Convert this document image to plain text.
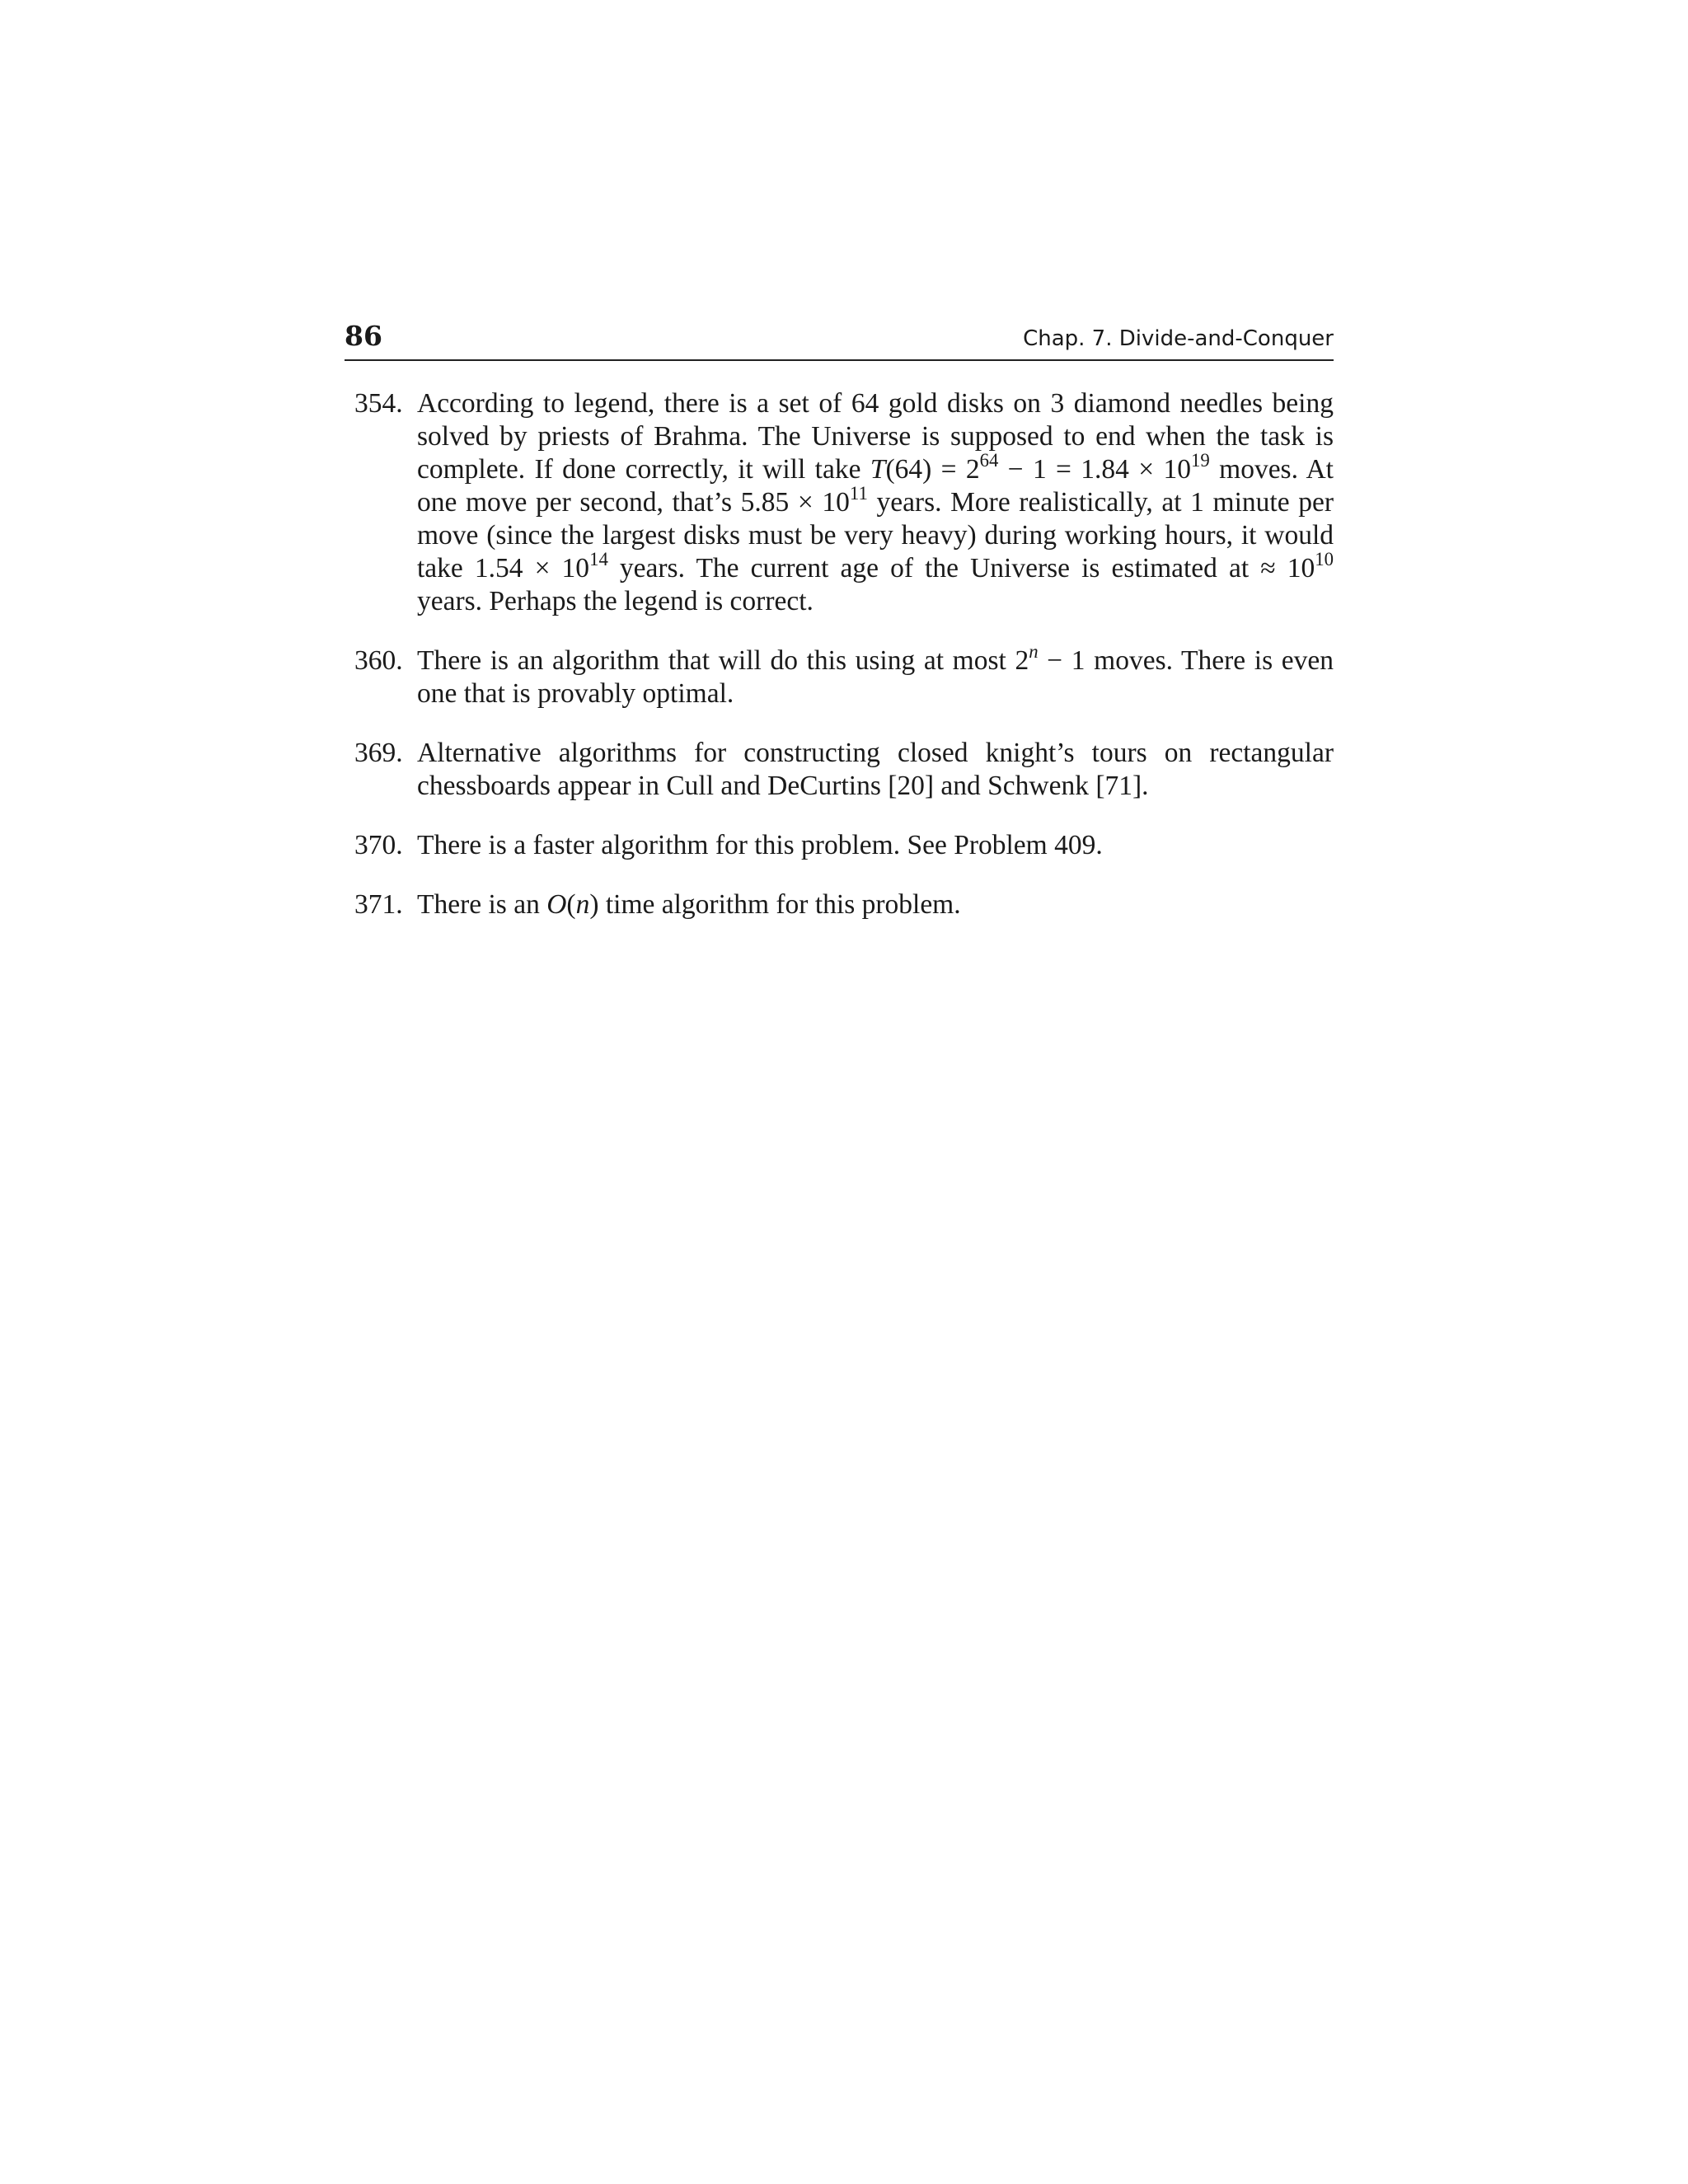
86	Chap. 7. Divide-and-Conquer
354. According to legend, there is a set of 64 gold disks on 3 diamond needles being solved by priests of Brahma. The Universe is supposed to end when the task is complete. If done correctly, it will take $T(64) = 2^{64} - 1 = 1.84 \times 10^{19}$ moves. At one move per second, that’s $5.85 \times 10^{11}$ years. More realistically, at 1 minute per move (since the largest disks must be very heavy) during working hours, it would take $1.54 \times 10^{14}$ years. The current age of the Universe is estimated at ≈ $10^{10}$ years. Perhaps the legend is correct.
360. There is an algorithm that will do this using at most $2^n - 1$ moves. There is even one that is provably optimal.
369. Alternative algorithms for constructing closed knight’s tours on rectangular chessboards appear in Cull and DeCurtins [20] and Schwenk [71].
370. There is a faster algorithm for this problem. See Problem 409.
371. There is an O(n) time algorithm for this problem.
